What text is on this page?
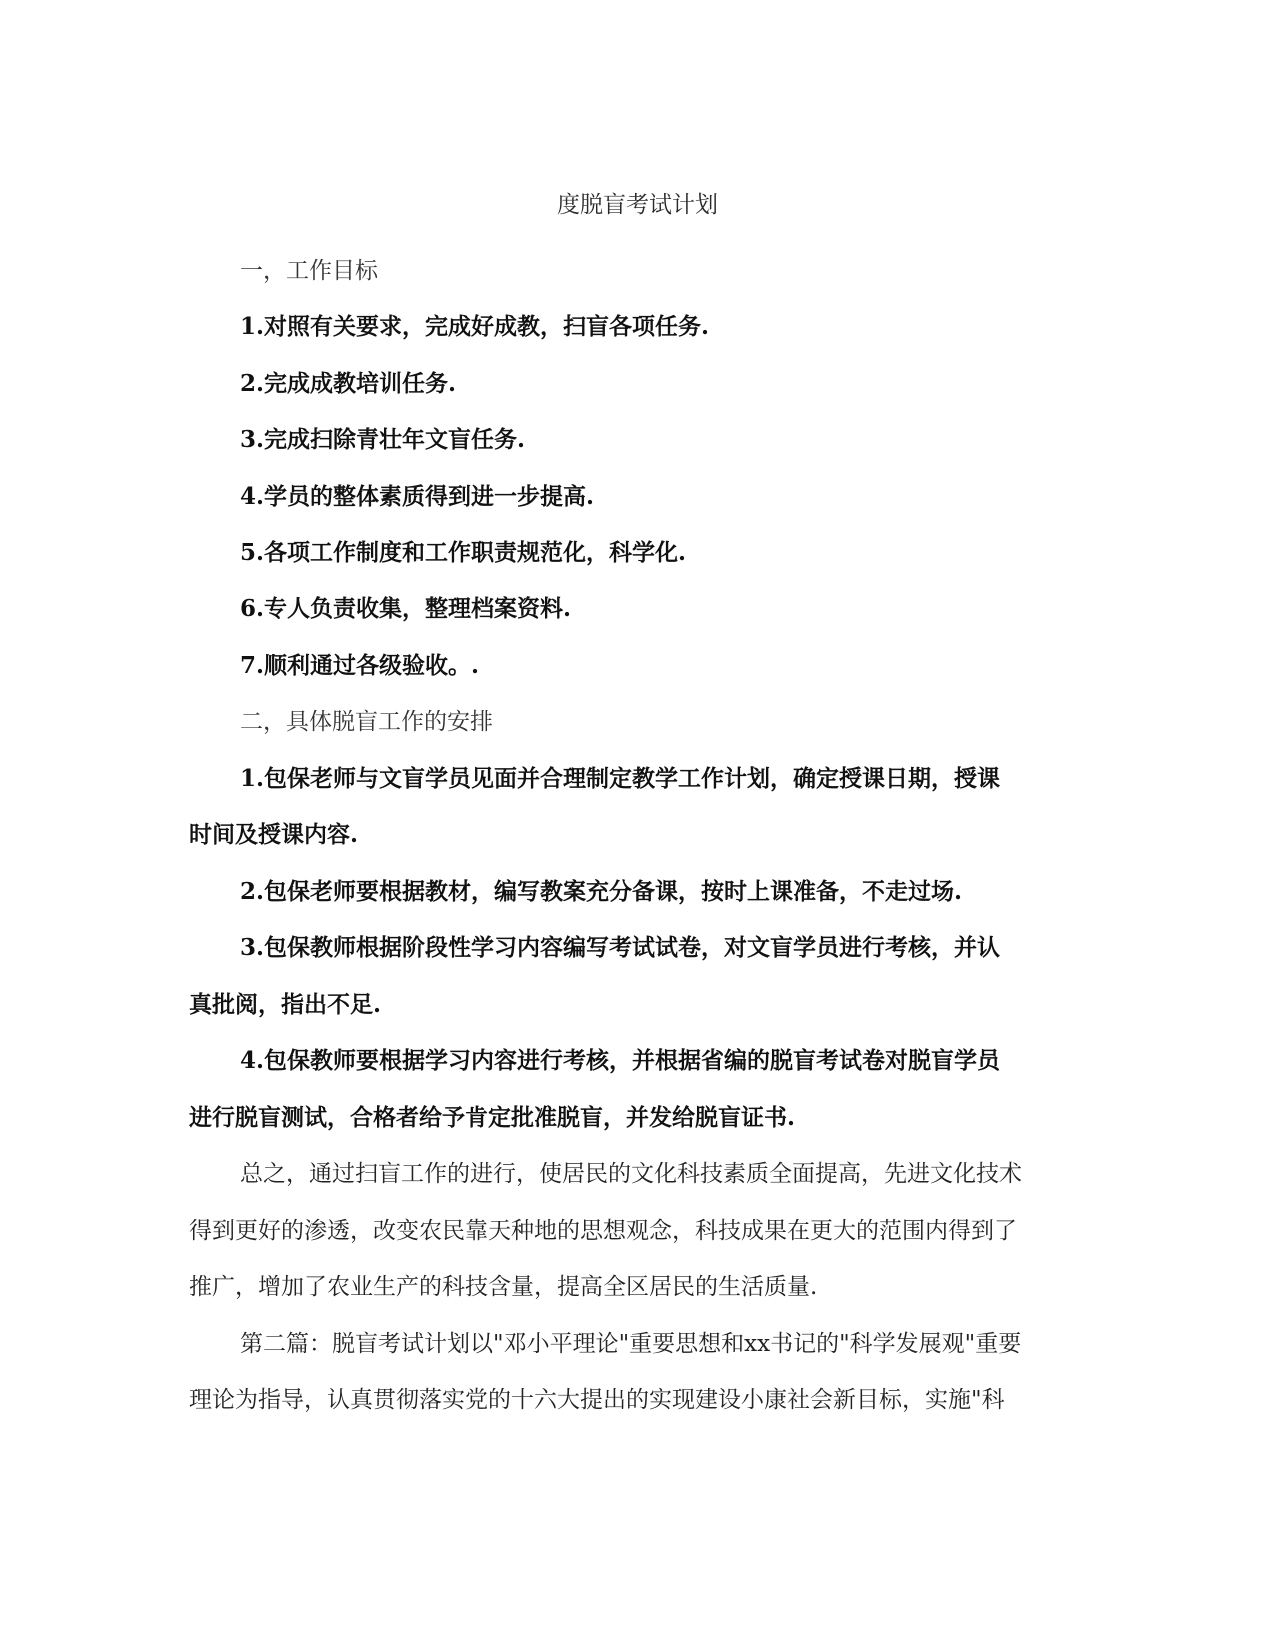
度脱盲考试计划
一，工作目标
1.对照有关要求，完成好成教，扫盲各项任务.
2.完成成教培训任务.
3.完成扫除青壮年文盲任务.
4.学员的整体素质得到进一步提高.
5.各项工作制度和工作职责规范化，科学化.
6.专人负责收集，整理档案资料.
7.顺利通过各级验收。.
二，具体脱盲工作的安排
1.包保老师与文盲学员见面并合理制定教学工作计划，确定授课日期，授课
时间及授课内容.
2.包保老师要根据教材，编写教案充分备课，按时上课准备，不走过场.
3.包保教师根据阶段性学习内容编写考试试卷，对文盲学员进行考核，并认
真批阅，指出不足.
4.包保教师要根据学习内容进行考核，并根据省编的脱盲考试卷对脱盲学员
进行脱盲测试，合格者给予肯定批准脱盲，并发给脱盲证书.
总之，通过扫盲工作的进行，使居民的文化科技素质全面提高，先进文化技术
得到更好的渗透，改变农民靠天种地的思想观念，科技成果在更大的范围内得到了
推广，增加了农业生产的科技含量，提高全区居民的生活质量.
第二篇：脱盲考试计划以"邓小平理论"重要思想和xx书记的"科学发展观"重要
理论为指导，认真贯彻落实党的十六大提出的实现建设小康社会新目标，实施"科
